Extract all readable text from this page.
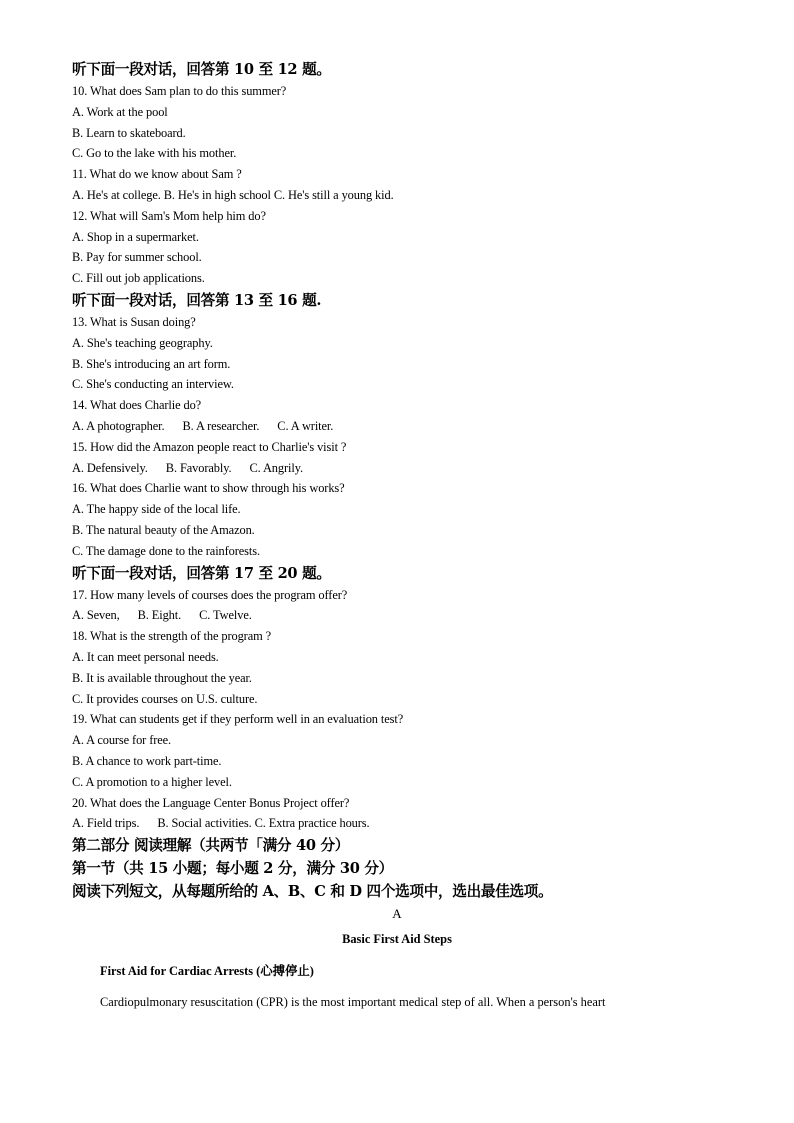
听下面一段对话，回答第 10 至 12 题。
10. What does Sam plan to do this summer?
A. Work at the pool
B. Learn to skateboard.
C. Go to the lake with his mother.
11. What do we know about Sam ?
A. He's at college. B. He's in high school C. He's still a young kid.
12. What will Sam's Mom help him do?
A. Shop in a supermarket.
B. Pay for summer school.
C. Fill out job applications.
听下面一段对话，回答第 13 至 16 题.
13. What is Susan doing?
A. She's teaching geography.
B. She's introducing an art form.
C. She's conducting an interview.
14. What does Charlie do?
A. A photographer.      B. A researcher.      C. A writer.
15. How did the Amazon people react to Charlie's visit ?
A. Defensively.      B. Favorably.      C. Angrily.
16. What does Charlie want to show through his works?
A. The happy side of the local life.
B. The natural beauty of the Amazon.
C. The damage done to the rainforests.
听下面一段对话，回答第 17 至 20 题。
17. How many levels of courses does the program offer?
A. Seven,      B. Eight.      C. Twelve.
18. What is the strength of the program ?
A. It can meet personal needs.
B. It is available throughout the year.
C. It provides courses on U.S. culture.
19. What can students get if they perform well in an evaluation test?
A. A course for free.
B. A chance to work part-time.
C. A promotion to a higher level.
20. What does the Language Center Bonus Project offer?
A. Field trips.      B. Social activities. C. Extra practice hours.
第二部分 阅读理解（共两节「满分 40 分）
第一节（共 15 小题；每小题 2 分，满分 30 分）
阅读下列短文，从每题所给的 A、B、C 和 D 四个选项中，选出最佳选项。
A
Basic First Aid Steps
First Aid for Cardiac Arrests (心搏停止)
Cardiopulmonary resuscitation (CPR) is the most important medical step of all. When a person's heart
